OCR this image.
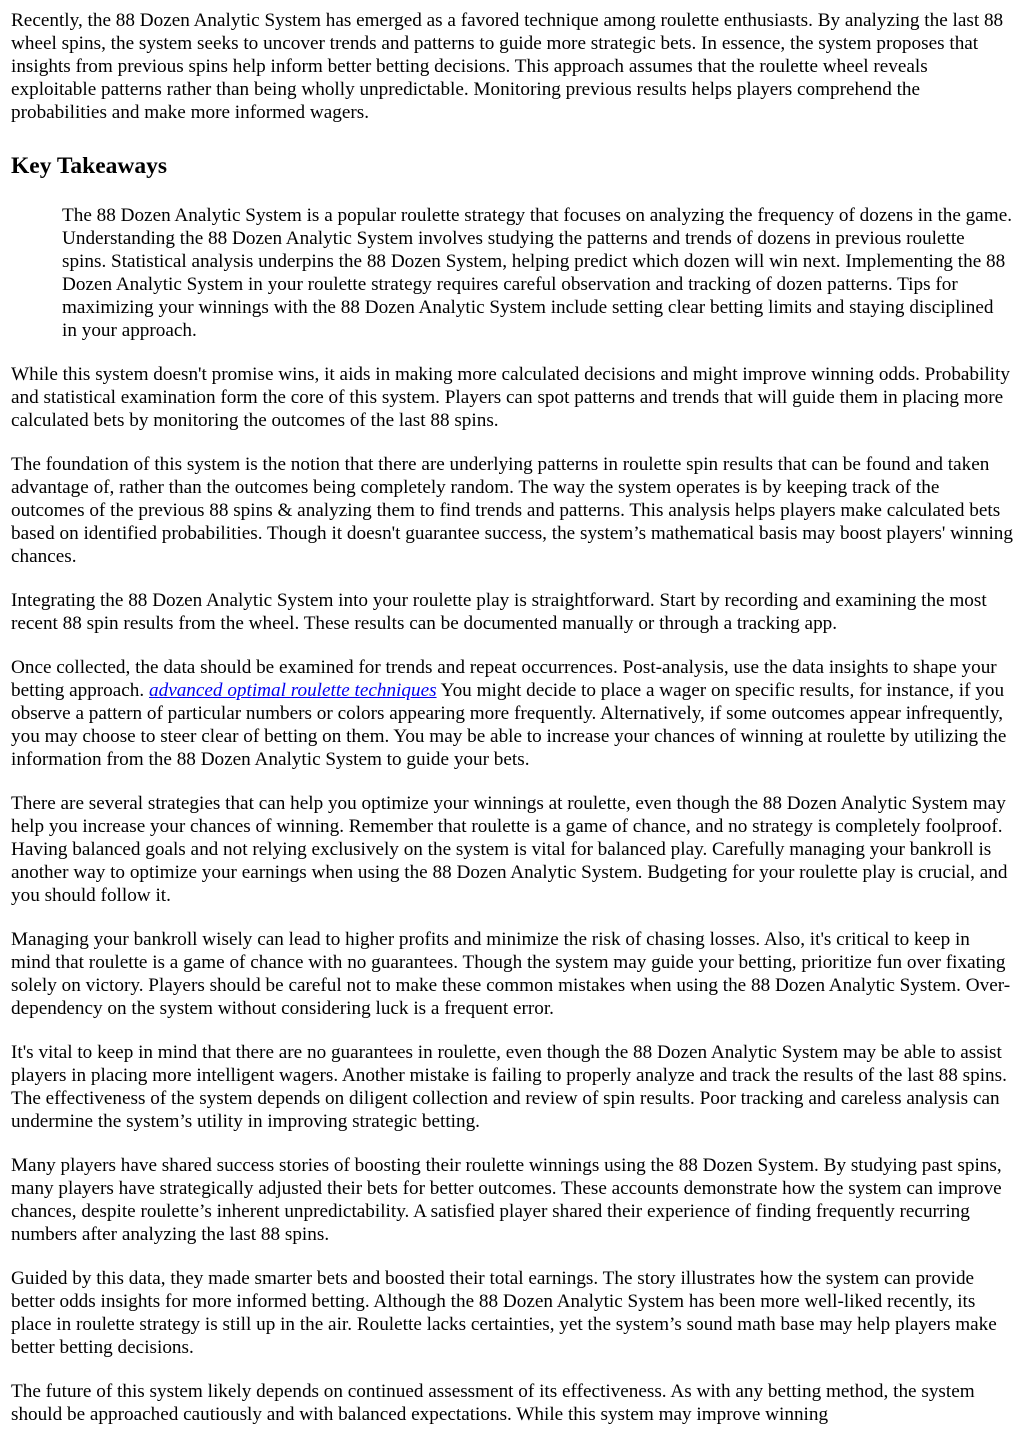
Recently, the 88 Dozen Analytic System has emerged as a favored technique among roulette enthusiasts. By analyzing the last 88 wheel spins, the system seeks to uncover trends and patterns to guide more strategic bets. In essence, the system proposes that insights from previous spins help inform better betting decisions. This approach assumes that the roulette wheel reveals exploitable patterns rather than being wholly unpredictable. Monitoring previous results helps players comprehend the probabilities and make more informed wagers.

Key Takeaways
The 88 Dozen Analytic System is a popular roulette strategy that focuses on analyzing the frequency of dozens in the game. Understanding the 88 Dozen Analytic System involves studying the patterns and trends of dozens in previous roulette spins. Statistical analysis underpins the 88 Dozen System, helping predict which dozen will win next. Implementing the 88 Dozen Analytic System in your roulette strategy requires careful observation and tracking of dozen patterns. Tips for maximizing your winnings with the 88 Dozen Analytic System include setting clear betting limits and staying disciplined in your approach.

While this system doesn't promise wins, it aids in making more calculated decisions and might improve winning odds. Probability and statistical examination form the core of this system. Players can spot patterns and trends that will guide them in placing more calculated bets by monitoring the outcomes of the last 88 spins.

The foundation of this system is the notion that there are underlying patterns in roulette spin results that can be found and taken advantage of, rather than the outcomes being completely random. The way the system operates is by keeping track of the outcomes of the previous 88 spins & analyzing them to find trends and patterns. This analysis helps players make calculated bets based on identified probabilities. Though it doesn't guarantee success, the system’s mathematical basis may boost players' winning chances.

Integrating the 88 Dozen Analytic System into your roulette play is straightforward. Start by recording and examining the most recent 88 spin results from the wheel. These results can be documented manually or through a tracking app.

Once collected, the data should be examined for trends and repeat occurrences. Post-analysis, use the data insights to shape your betting approach. advanced optimal roulette techniques You might decide to place a wager on specific results, for instance, if you observe a pattern of particular numbers or colors appearing more frequently. Alternatively, if some outcomes appear infrequently, you may choose to steer clear of betting on them. You may be able to increase your chances of winning at roulette by utilizing the information from the 88 Dozen Analytic System to guide your bets.

There are several strategies that can help you optimize your winnings at roulette, even though the 88 Dozen Analytic System may help you increase your chances of winning. Remember that roulette is a game of chance, and no strategy is completely foolproof. Having balanced goals and not relying exclusively on the system is vital for balanced play. Carefully managing your bankroll is another way to optimize your earnings when using the 88 Dozen Analytic System. Budgeting for your roulette play is crucial, and you should follow it.

Managing your bankroll wisely can lead to higher profits and minimize the risk of chasing losses. Also, it's critical to keep in mind that roulette is a game of chance with no guarantees. Though the system may guide your betting, prioritize fun over fixating solely on victory. Players should be careful not to make these common mistakes when using the 88 Dozen Analytic System. Over-dependency on the system without considering luck is a frequent error.

It's vital to keep in mind that there are no guarantees in roulette, even though the 88 Dozen Analytic System may be able to assist players in placing more intelligent wagers. Another mistake is failing to properly analyze and track the results of the last 88 spins. The effectiveness of the system depends on diligent collection and review of spin results. Poor tracking and careless analysis can undermine the system’s utility in improving strategic betting.

Many players have shared success stories of boosting their roulette winnings using the 88 Dozen System. By studying past spins, many players have strategically adjusted their bets for better outcomes. These accounts demonstrate how the system can improve chances, despite roulette’s inherent unpredictability. A satisfied player shared their experience of finding frequently recurring numbers after analyzing the last 88 spins.

Guided by this data, they made smarter bets and boosted their total earnings. The story illustrates how the system can provide better odds insights for more informed betting. Although the 88 Dozen Analytic System has been more well-liked recently, its place in roulette strategy is still up in the air. Roulette lacks certainties, yet the system’s sound math base may help players make better betting decisions.

The future of this system likely depends on continued assessment of its effectiveness. As with any betting method, the system should be approached cautiously and with balanced expectations. While this system may improve winning
